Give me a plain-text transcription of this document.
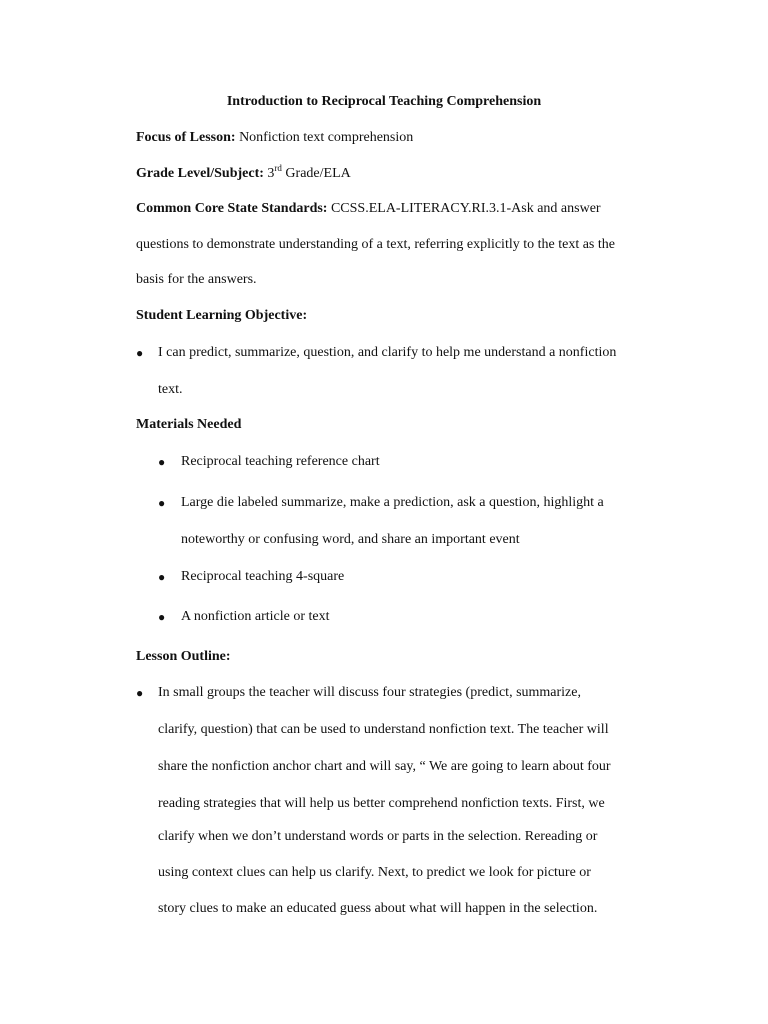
Introduction to Reciprocal Teaching Comprehension
Focus of Lesson: Nonfiction text comprehension
Grade Level/Subject: 3rd Grade/ELA
Common Core State Standards: CCSS.ELA-LITERACY.RI.3.1-Ask and answer
questions to demonstrate understanding of a text, referring explicitly to the text as the
basis for the answers.
Student Learning Objective:
● I can predict, summarize, question, and clarify to help me understand a nonfiction
text.
Materials Needed
● Reciprocal teaching reference chart
● Large die labeled summarize, make a prediction, ask a question, highlight a
noteworthy or confusing word, and share an important event
● Reciprocal teaching 4-square
● A nonfiction article or text
Lesson Outline:
● In small groups the teacher will discuss four strategies (predict, summarize,
clarify, question) that can be used to understand nonfiction text. The teacher will
share the nonfiction anchor chart and will say, “ We are going to learn about four
reading strategies that will help us better comprehend nonfiction texts. First, we
clarify when we don’t understand words or parts in the selection. Rereading or
using context clues can help us clarify. Next, to predict we look for picture or
story clues to make an educated guess about what will happen in the selection.
